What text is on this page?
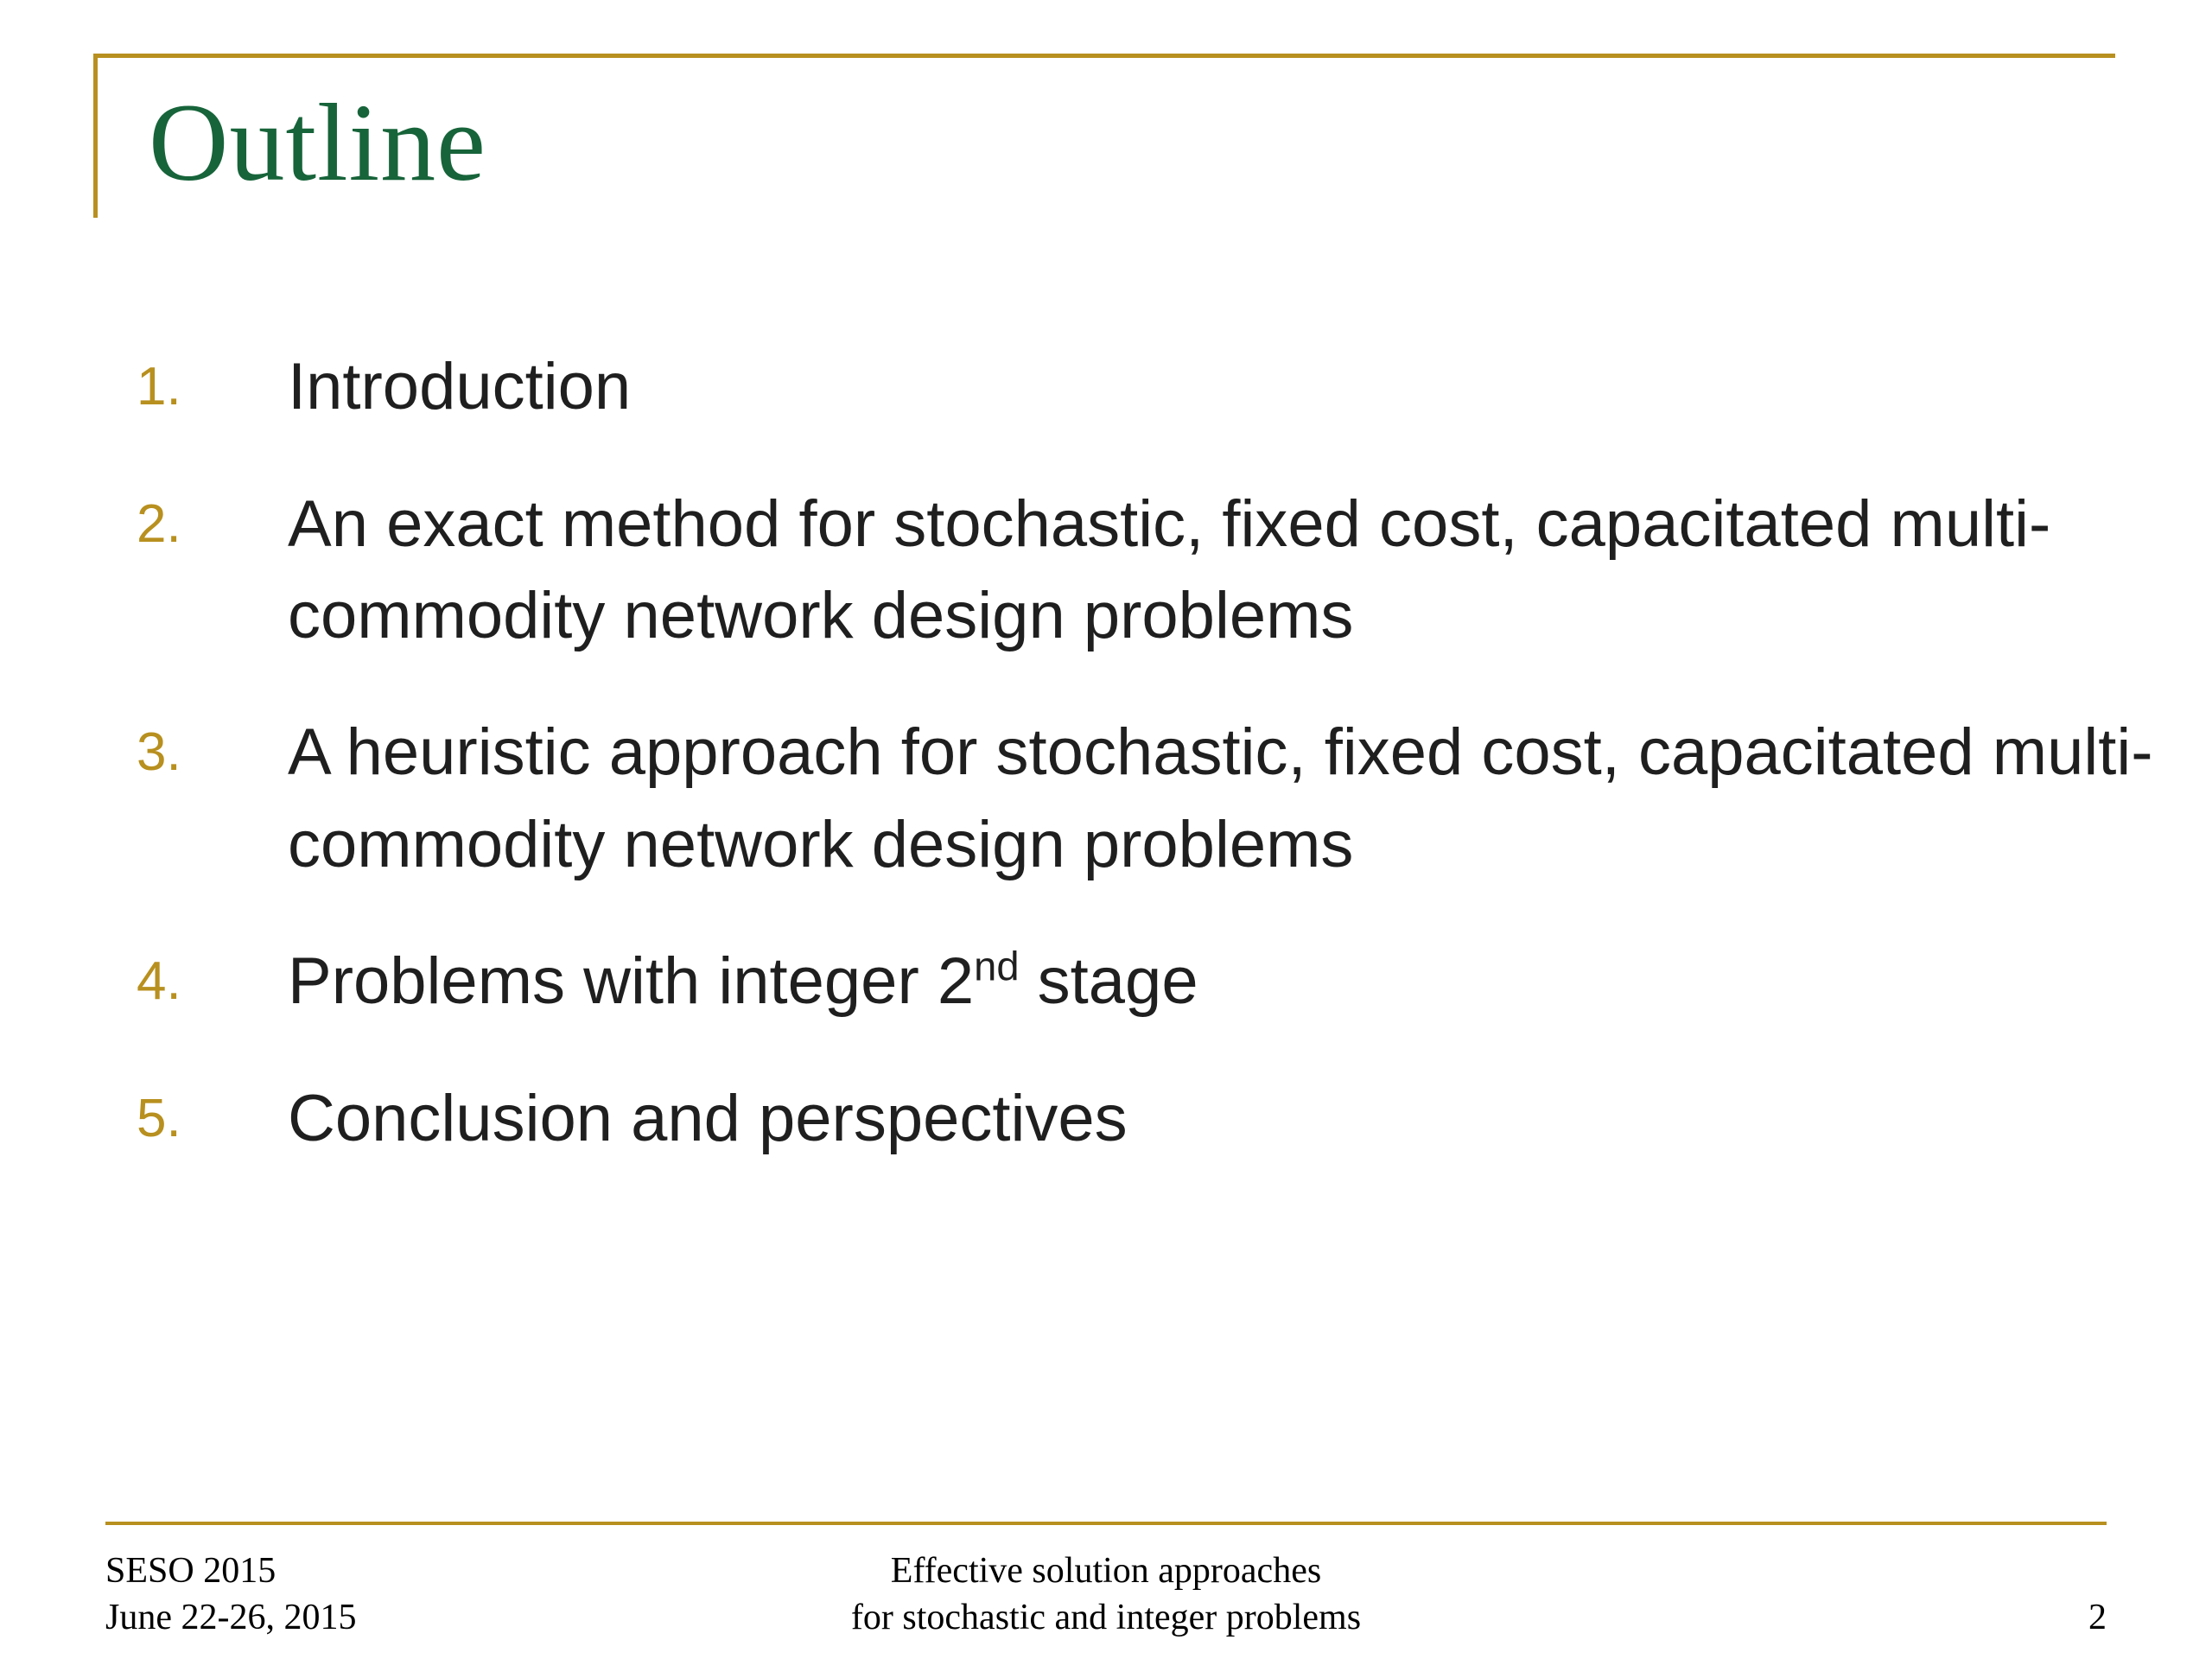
Outline
1.	Introduction
2.	An exact method for stochastic, fixed cost, capacitated multi-commodity network design problems
3.	A heuristic approach for stochastic, fixed cost, capacitated multi-commodity network design problems
4.	Problems with integer 2nd stage
5.	Conclusion and perspectives
SESO 2015
June 22-26, 2015
Effective solution approaches
for stochastic and integer problems	2
